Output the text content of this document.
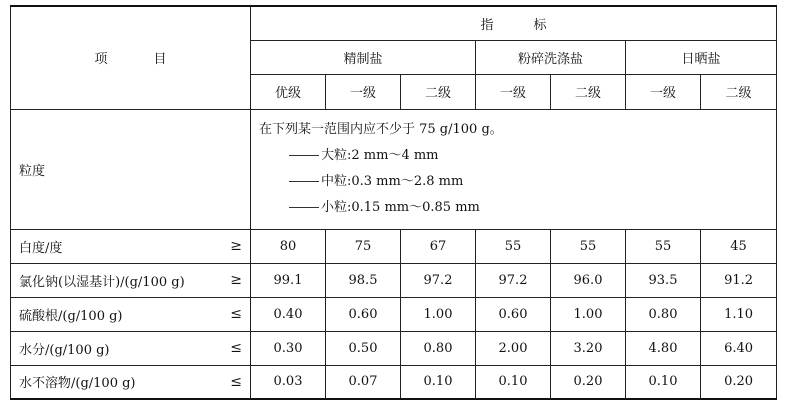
项 目	指 标						
	精制盐			粉碎洗涤盐		日晒盐	
	优级	一级	二级	一级	二级	一级	二级
粒度	在下列某一范围内应不少于 75 g/100 g。
大粒:2 mm～4 mm
中粒:0.3 mm～2.8 mm
小粒:0.15 mm～0.85 mm						

白度/度 ≥	80	75	67	55	55	55	45
氯化钠(以湿基计)/(g/100 g) ≥	99.1	98.5	97.2	97.2	96.0	93.5	91.2
硫酸根/(g/100 g) ≤	0.40	0.60	1.00	0.60	1.00	0.80	1.10
水分/(g/100 g) ≤	0.30	0.50	0.80	2.00	3.20	4.80	6.40
水不溶物/(g/100 g) ≤	0.03	0.07	0.10	0.10	0.20	0.10	0.20
